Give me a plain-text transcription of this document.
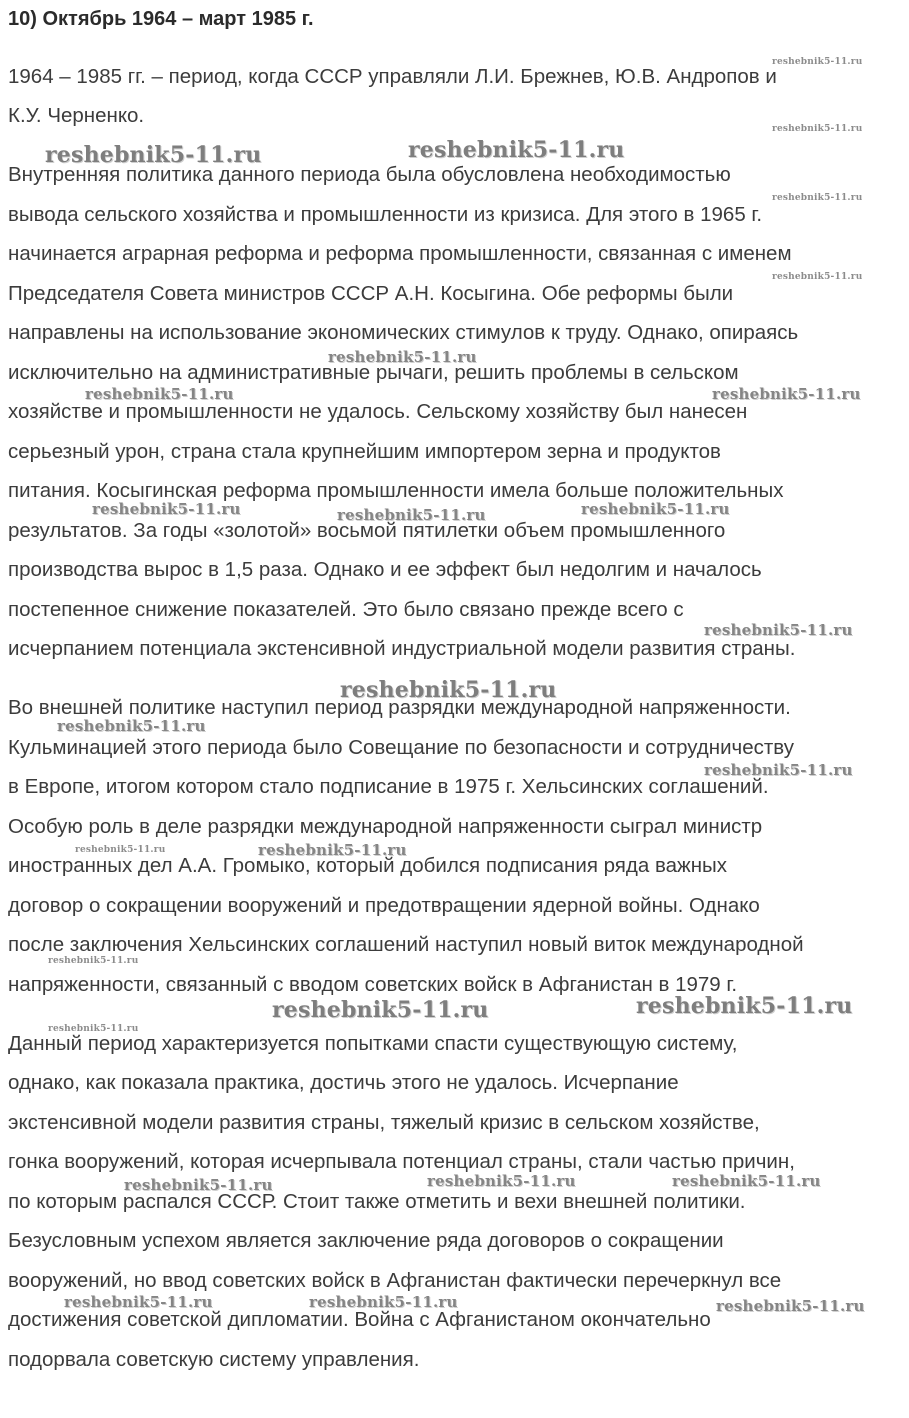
10) Октябрь 1964 – март 1985 г.
1964 – 1985 гг. – период, когда СССР управляли Л.И. Брежнев, Ю.В. Андропов и
К.У. Черненко.
Внутренняя политика данного периода была обусловлена необходимостью
вывода сельского хозяйства и промышленности из кризиса. Для этого в 1965 г.
начинается аграрная реформа и реформа промышленности, связанная с именем
Председателя Совета министров СССР А.Н. Косыгина. Обе реформы были
направлены на использование экономических стимулов к труду. Однако, опираясь
исключительно на административные рычаги, решить проблемы в сельском
хозяйстве и промышленности не удалось. Сельскому хозяйству был нанесен
серьезный урон, страна стала крупнейшим импортером зерна и продуктов
питания. Косыгинская реформа промышленности имела больше положительных
результатов. За годы «золотой» восьмой пятилетки объем промышленного
производства вырос в 1,5 раза. Однако и ее эффект был недолгим и началось
постепенное снижение показателей. Это было связано прежде всего с
исчерпанием потенциала экстенсивной индустриальной модели развития страны.
Во внешней политике наступил период разрядки международной напряженности.
Кульминацией этого периода было Совещание по безопасности и сотрудничеству
в Европе, итогом котором стало подписание в 1975 г. Хельсинских соглашений.
Особую роль в деле разрядки международной напряженности сыграл министр
иностранных дел А.А. Громыко, который добился подписания ряда важных
договор о сокращении вооружений и предотвращении ядерной войны. Однако
после заключения Хельсинских соглашений наступил новый виток международной
напряженности, связанный с вводом советских войск в Афганистан в 1979 г.
Данный период характеризуется попытками спасти существующую систему,
однако, как показала практика, достичь этого не удалось. Исчерпание
экстенсивной модели развития страны, тяжелый кризис в сельском хозяйстве,
гонка вооружений, которая исчерпывала потенциал страны, стали частью причин,
по которым распался СССР. Стоит также отметить и вехи внешней политики.
Безусловным успехом является заключение ряда договоров о сокращении
вооружений, но ввод советских войск в Афганистан фактически перечеркнул все
достижения советской дипломатии. Война с Афганистаном окончательно
подорвала советскую систему управления.
reshebnik5-11.ru
reshebnik5-11.ru
reshebnik5-11.ru
reshebnik5-11.ru
reshebnik5-11.ru
reshebnik5-11.ru
reshebnik5-11.ru
reshebnik5-11.ru	reshebnik5-11.ru
reshebnik5-11.ru
reshebnik5-11.ru	reshebnik5-11.ru
reshebnik5-11.ru
reshebnik5-11.ru	reshebnik5-11.ru
reshebnik5-11.ru	reshebnik5-11.ru	reshebnik5-11.ru
reshebnik5-11.ru
reshebnik5-11.ru
reshebnik5-11.ru
reshebnik5-11.ru
reshebnik5-11.ru	reshebnik5-11.ru	reshebnik5-11.ru
reshebnik5-11.ru	reshebnik5-11.ru	reshebnik5-11.ru
